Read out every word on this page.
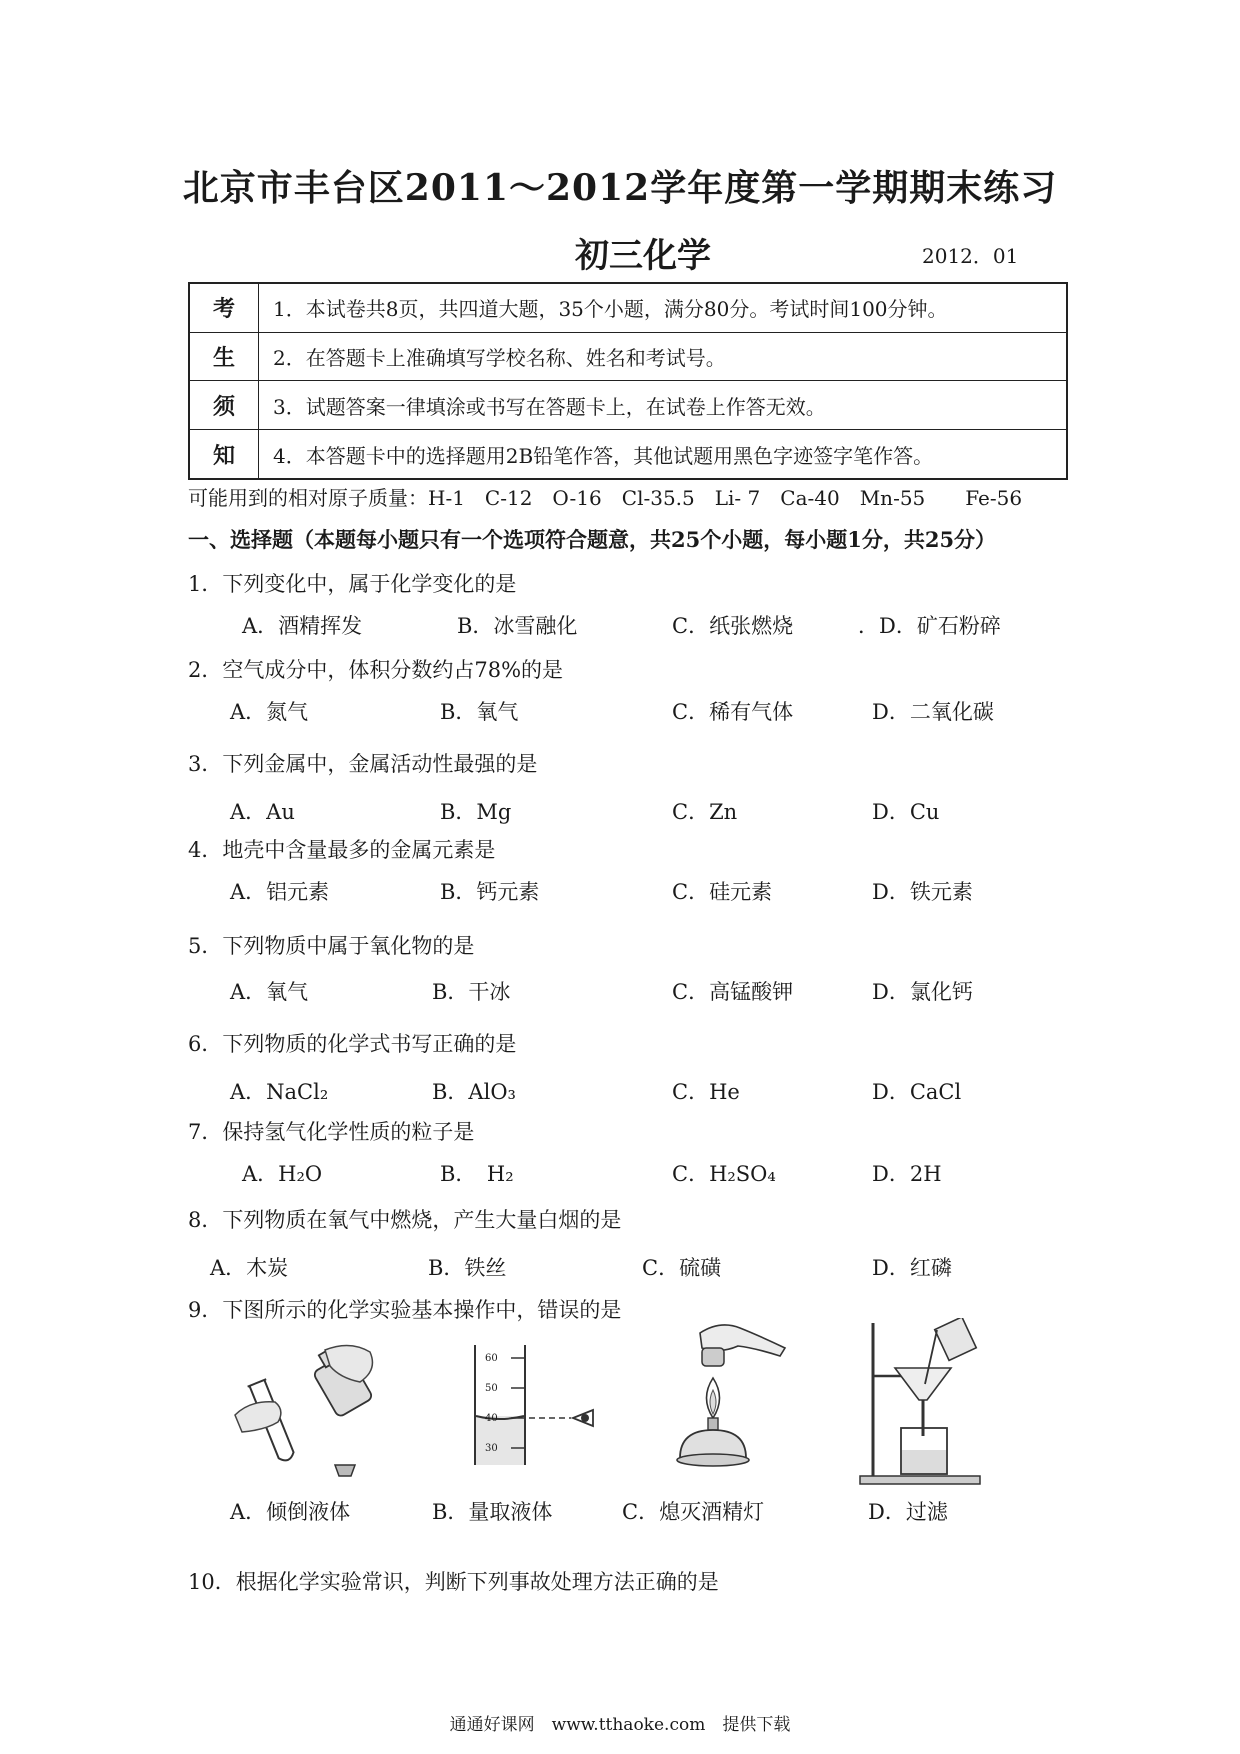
北京市丰台区2011～2012学年度第一学期期末练习
初三化学	2012．01
考	1．本试卷共8页，共四道大题，35个小题，满分80分。考试时间100分钟。
生	2．在答题卡上准确填写学校名称、姓名和考试号。
须	3．试题答案一律填涂或书写在答题卡上，在试卷上作答无效。
知	4．本答题卡中的选择题用2B铅笔作答，其他试题用黑色字迹签字笔作答。
可能用到的相对原子质量：H-1　C-12　O-16　Cl-35.5　Li- 7　Ca-40　Mn-55　　Fe-56
一、选择题（本题每小题只有一个选项符合题意，共25个小题，每小题1分，共25分）
1．下列变化中，属于化学变化的是
A．酒精挥发	B．冰雪融化	C．纸张燃烧	．D．矿石粉碎
2．空气成分中，体积分数约占78%的是
A．氮气	B．氧气	C．稀有气体	D．二氧化碳
3．下列金属中，金属活动性最强的是
A．Au	B．Mg	C．Zn	D．Cu
4．地壳中含量最多的金属元素是
A．铝元素	B．钙元素	C．硅元素	D．铁元素
5．下列物质中属于氧化物的是
A．氧气	B．干冰	C．高锰酸钾	D．氯化钙
6．下列物质的化学式书写正确的是
A．NaCl₂	B．AlO₃	C．He	D．CaCl
7．保持氢气化学性质的粒子是
A．H₂O	B．　H₂	C．H₂SO₄	D．2H
8．下列物质在氧气中燃烧，产生大量白烟的是
A．木炭	B．铁丝	C．硫磺	D．红磷
9．下图所示的化学实验基本操作中，错误的是
60
50
40
30
A．倾倒液体	B．量取液体	C．熄灭酒精灯	D．过滤
10．根据化学实验常识，判断下列事故处理方法正确的是
通通好课网　www.tthaoke.com　提供下载
